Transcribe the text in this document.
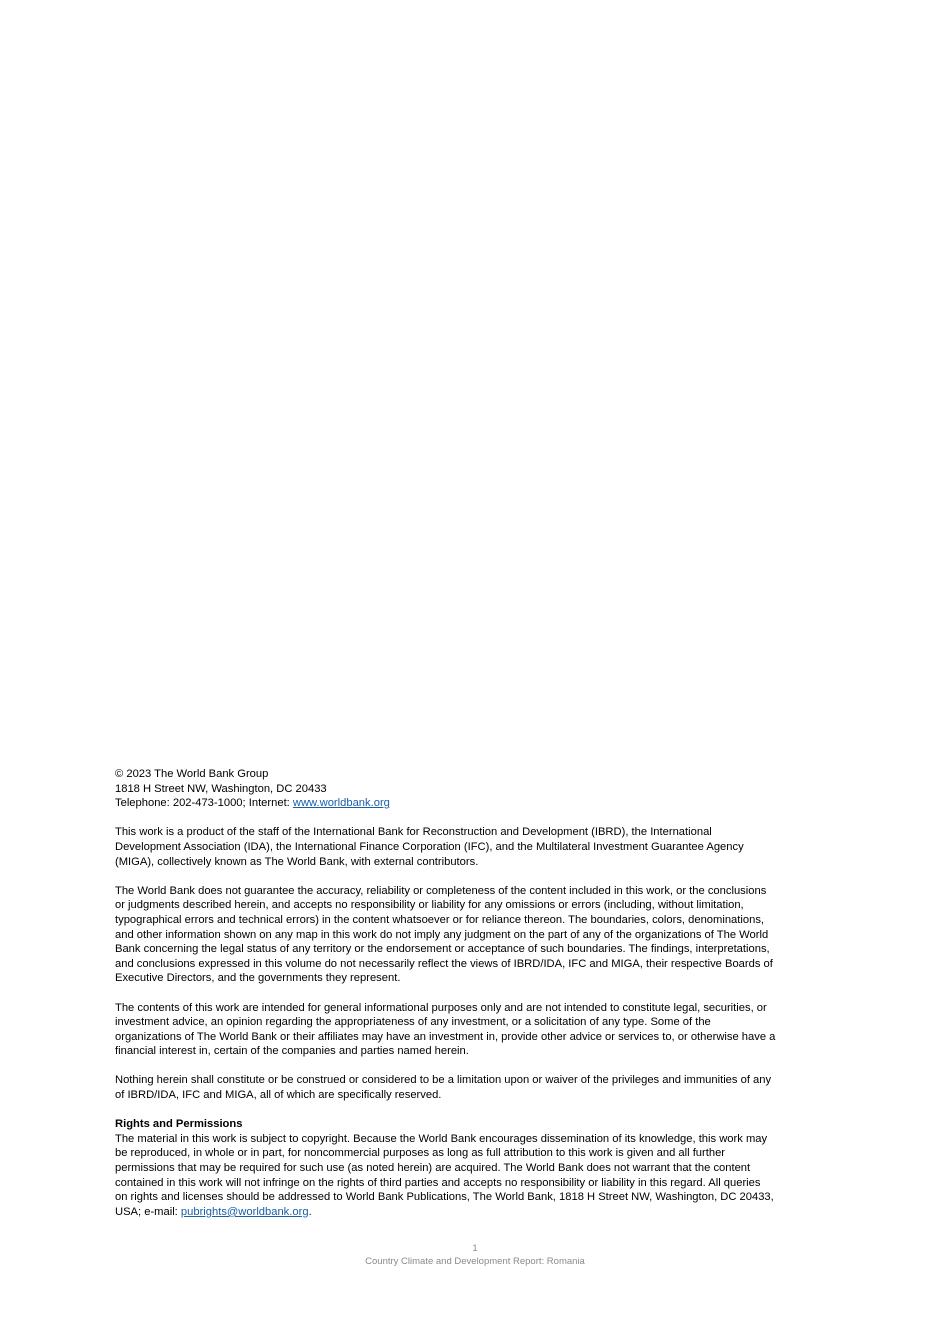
© 2023 The World Bank Group
1818 H Street NW, Washington, DC 20433
Telephone: 202-473-1000; Internet: www.worldbank.org
This work is a product of the staff of the International Bank for Reconstruction and Development (IBRD), the International
Development Association (IDA), the International Finance Corporation (IFC), and the Multilateral Investment Guarantee Agency
(MIGA), collectively known as The World Bank, with external contributors.
The World Bank does not guarantee the accuracy, reliability or completeness of the content included in this work, or the conclusions
or judgments described herein, and accepts no responsibility or liability for any omissions or errors (including, without limitation,
typographical errors and technical errors) in the content whatsoever or for reliance thereon. The boundaries, colors, denominations,
and other information shown on any map in this work do not imply any judgment on the part of any of the organizations of The World
Bank concerning the legal status of any territory or the endorsement or acceptance of such boundaries. The findings, interpretations,
and conclusions expressed in this volume do not necessarily reflect the views of IBRD/IDA, IFC and MIGA, their respective Boards of
Executive Directors, and the governments they represent.
The contents of this work are intended for general informational purposes only and are not intended to constitute legal, securities, or
investment advice, an opinion regarding the appropriateness of any investment, or a solicitation of any type. Some of the
organizations of The World Bank or their affiliates may have an investment in, provide other advice or services to, or otherwise have a
financial interest in, certain of the companies and parties named herein.
Nothing herein shall constitute or be construed or considered to be a limitation upon or waiver of the privileges and immunities of any
of IBRD/IDA, IFC and MIGA, all of which are specifically reserved.
Rights and Permissions
The material in this work is subject to copyright. Because the World Bank encourages dissemination of its knowledge, this work may
be reproduced, in whole or in part, for noncommercial purposes as long as full attribution to this work is given and all further
permissions that may be required for such use (as noted herein) are acquired. The World Bank does not warrant that the content
contained in this work will not infringe on the rights of third parties and accepts no responsibility or liability in this regard. All queries
on rights and licenses should be addressed to World Bank Publications, The World Bank, 1818 H Street NW, Washington, DC 20433,
USA; e-mail: pubrights@worldbank.org.
1
Country Climate and Development Report: Romania
